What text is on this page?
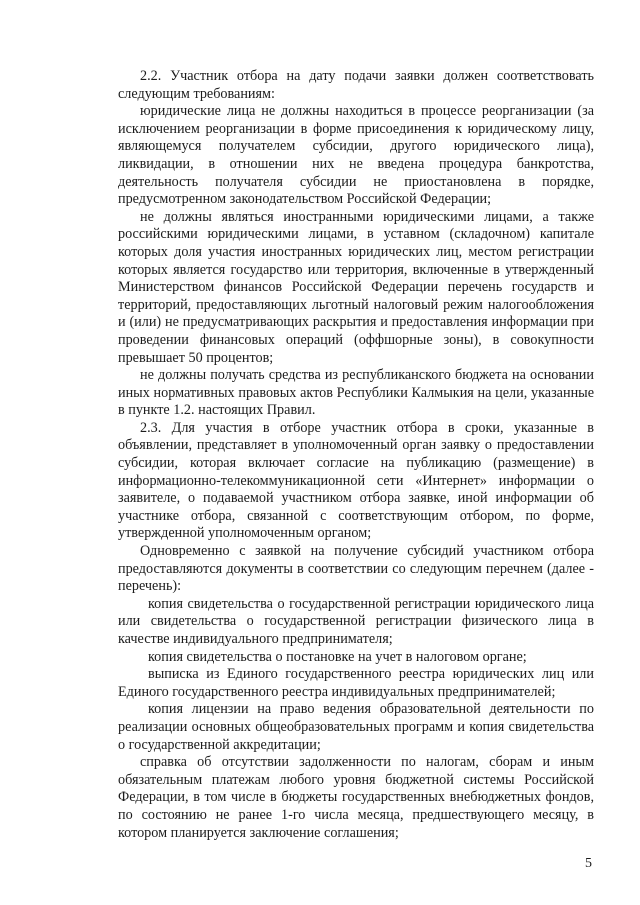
2.2. Участник отбора на дату подачи заявки должен соответствовать следующим требованиям:

юридические лица не должны находиться в процессе реорганизации (за исключением реорганизации в форме присоединения к юридическому лицу, являющемуся получателем субсидии, другого юридического лица), ликвидации, в отношении них не введена процедура банкротства, деятельность получателя субсидии не приостановлена в порядке, предусмотренном законодательством Российской Федерации;

не должны являться иностранными юридическими лицами, а также российскими юридическими лицами, в уставном (складочном) капитале которых доля участия иностранных юридических лиц, местом регистрации которых является государство или территория, включенные в утвержденный Министерством финансов Российской Федерации перечень государств и территорий, предоставляющих льготный налоговый режим налогообложения и (или) не предусматривающих раскрытия и предоставления информации при проведении финансовых операций (оффшорные зоны), в совокупности превышает 50 процентов;

не должны получать средства из республиканского бюджета на основании иных нормативных правовых актов Республики Калмыкия на цели, указанные в пункте 1.2. настоящих Правил.

2.3. Для участия в отборе участник отбора в сроки, указанные в объявлении, представляет в уполномоченный орган заявку о предоставлении субсидии, которая включает согласие на публикацию (размещение) в информационно-телекоммуникационной сети «Интернет» информации о заявителе, о подаваемой участником отбора заявке, иной информации об участнике отбора, связанной с соответствующим отбором, по форме, утвержденной уполномоченным органом;

Одновременно с заявкой на получение субсидий участником отбора предоставляются документы в соответствии со следующим перечнем (далее - перечень):

копия свидетельства о государственной регистрации юридического лица или свидетельства о государственной регистрации физического лица в качестве индивидуального предпринимателя;

копия свидетельства о постановке на учет в налоговом органе;

выписка из Единого государственного реестра юридических лиц или Единого государственного реестра индивидуальных предпринимателей;

копия лицензии на право ведения образовательной деятельности по реализации основных общеобразовательных программ и копия свидетельства о государственной аккредитации;

справка об отсутствии задолженности по налогам, сборам и иным обязательным платежам любого уровня бюджетной системы Российской Федерации, в том числе в бюджеты государственных внебюджетных фондов, по состоянию не ранее 1-го числа месяца, предшествующего месяцу, в котором планируется заключение соглашения;

5
